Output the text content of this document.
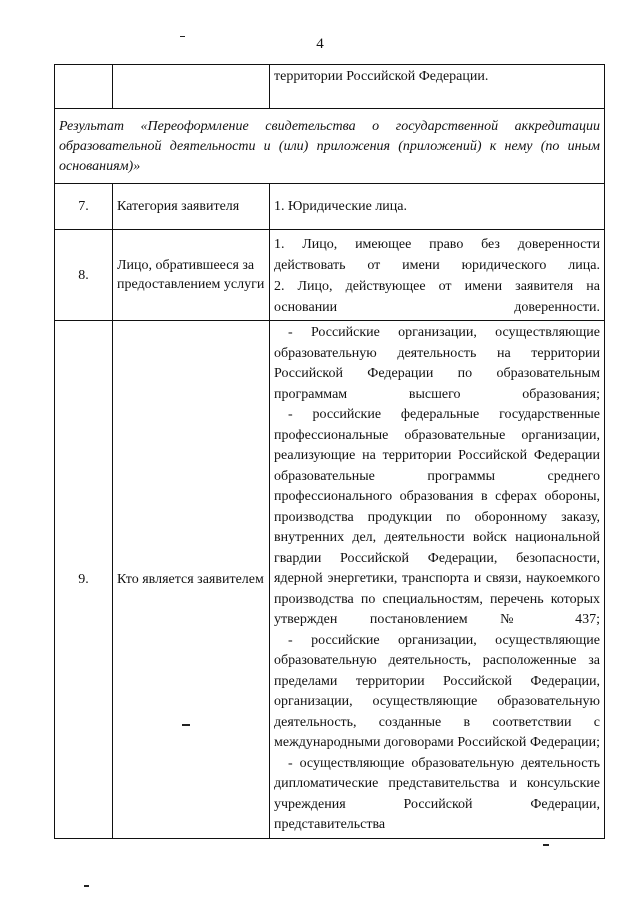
4

		территории Российской Федерации.

Результат «Переоформление свидетельства о государственной аккредитации образовательной деятельности и (или) приложения (приложений) к нему (по иным основаниям)»		
7.	Категория заявителя	1. Юридические лица.
8.	Лицо, обратившееся за предоставлением услуги	1. Лицо, имеющее право без доверенности действовать от имени юридического лица.

2. Лицо, действующее от имени заявителя на основании доверенности.

9.	Кто является заявителем	- Российские организации, осуществляющие образовательную деятельность на территории Российской Федерации по образовательным программам высшего образования;

- российские федеральные государственные профессиональные образовательные организации, реализующие на территории Российской Федерации образовательные программы среднего профессионального образования в сферах обороны, производства продукции по оборонному заказу, внутренних дел, деятельности войск национальной гвардии Российской Федерации, безопасности, ядерной энергетики, транспорта и связи, наукоемкого производства по специальностям, перечень которых утвержден постановлением № 437;

- российские организации, осуществляющие образовательную деятельность, расположенные за пределами территории Российской Федерации, организации, осуществляющие образовательную деятельность, созданные в соответствии с международными договорами Российской Федерации;

- осуществляющие образовательную деятельность дипломатические представительства и консульские учреждения Российской Федерации, представительства
